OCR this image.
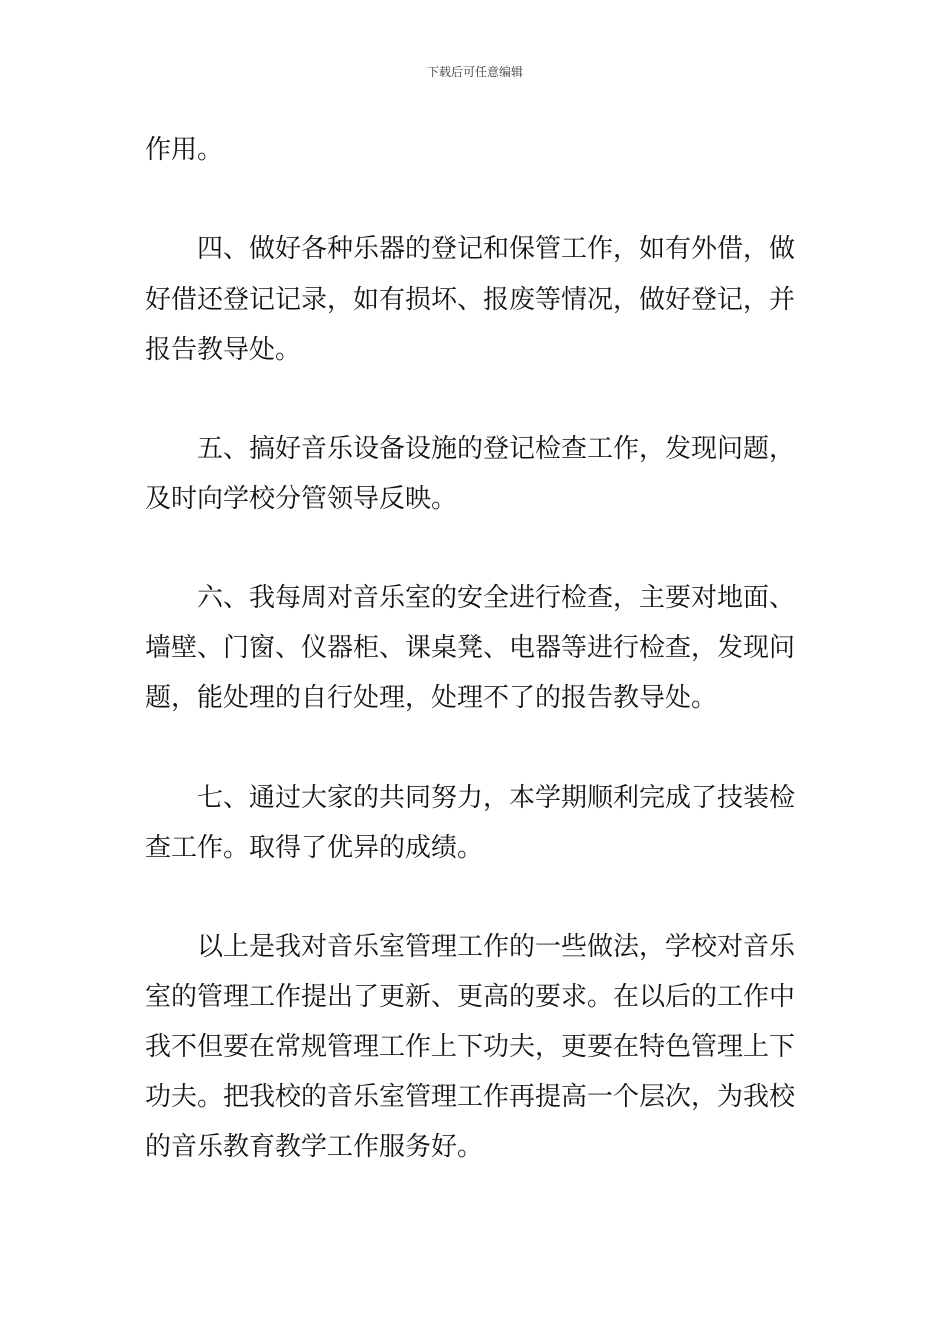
下载后可任意编辑
作用。
　　四、做好各种乐器的登记和保管工作，如有外借，做
好借还登记记录，如有损坏、报废等情况，做好登记，并
报告教导处。
　　五、搞好音乐设备设施的登记检查工作，发现问题，
及时向学校分管领导反映。
　　六、我每周对音乐室的安全进行检查，主要对地面、
墙壁、门窗、仪器柜、课桌凳、电器等进行检查，发现问
题，能处理的自行处理，处理不了的报告教导处。
　　七、通过大家的共同努力，本学期顺利完成了技装检
查工作。取得了优异的成绩。
　　以上是我对音乐室管理工作的一些做法，学校对音乐
室的管理工作提出了更新、更高的要求。在以后的工作中
我不但要在常规管理工作上下功夫，更要在特色管理上下
功夫。把我校的音乐室管理工作再提高一个层次，为我校
的音乐教育教学工作服务好。
